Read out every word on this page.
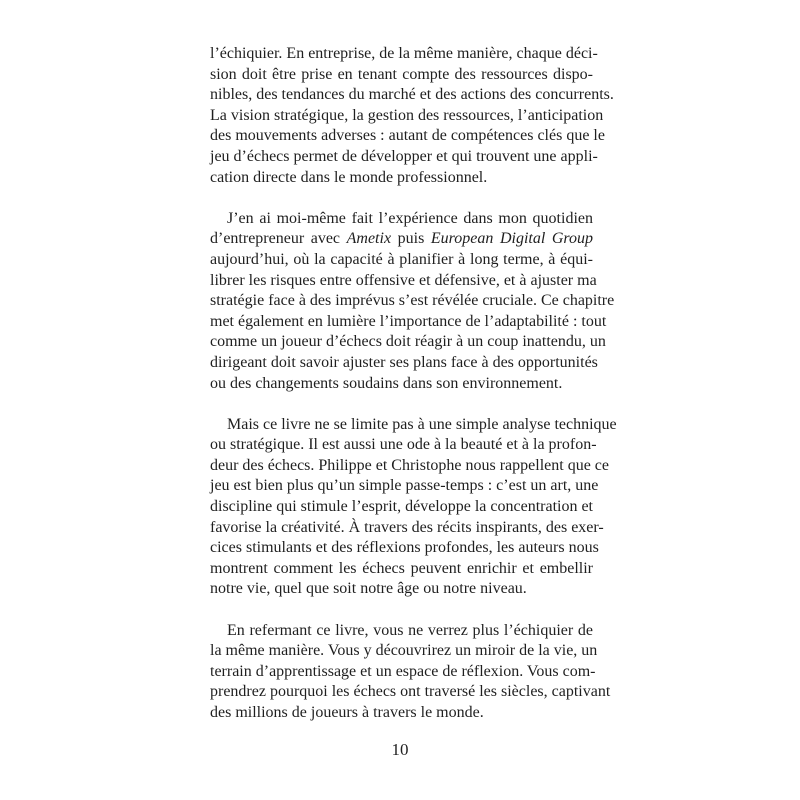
l’échiquier. En entreprise, de la même manière, chaque déci-
sion doit être prise en tenant compte des ressources dispo-
nibles, des tendances du marché et des actions des concurrents.
La vision stratégique, la gestion des ressources, l’anticipation
des mouvements adverses : autant de compétences clés que le
jeu d’échecs permet de développer et qui trouvent une appli-
cation directe dans le monde professionnel.

J’en ai moi-même fait l’expérience dans mon quotidien
d’entrepreneur avec Ametix puis European Digital Group
aujourd’hui, où la capacité à planifier à long terme, à équi-
librer les risques entre offensive et défensive, et à ajuster ma
stratégie face à des imprévus s’est révélée cruciale. Ce chapitre
met également en lumière l’importance de l’adaptabilité : tout
comme un joueur d’échecs doit réagir à un coup inattendu, un
dirigeant doit savoir ajuster ses plans face à des opportunités
ou des changements soudains dans son environnement.

Mais ce livre ne se limite pas à une simple analyse technique
ou stratégique. Il est aussi une ode à la beauté et à la profon-
deur des échecs. Philippe et Christophe nous rappellent que ce
jeu est bien plus qu’un simple passe-temps : c’est un art, une
discipline qui stimule l’esprit, développe la concentration et
favorise la créativité. À travers des récits inspirants, des exer-
cices stimulants et des réflexions profondes, les auteurs nous
montrent comment les échecs peuvent enrichir et embellir
notre vie, quel que soit notre âge ou notre niveau.

En refermant ce livre, vous ne verrez plus l’échiquier de
la même manière. Vous y découvrirez un miroir de la vie, un
terrain d’apprentissage et un espace de réflexion. Vous com-
prendrez pourquoi les échecs ont traversé les siècles, captivant
des millions de joueurs à travers le monde.

10
